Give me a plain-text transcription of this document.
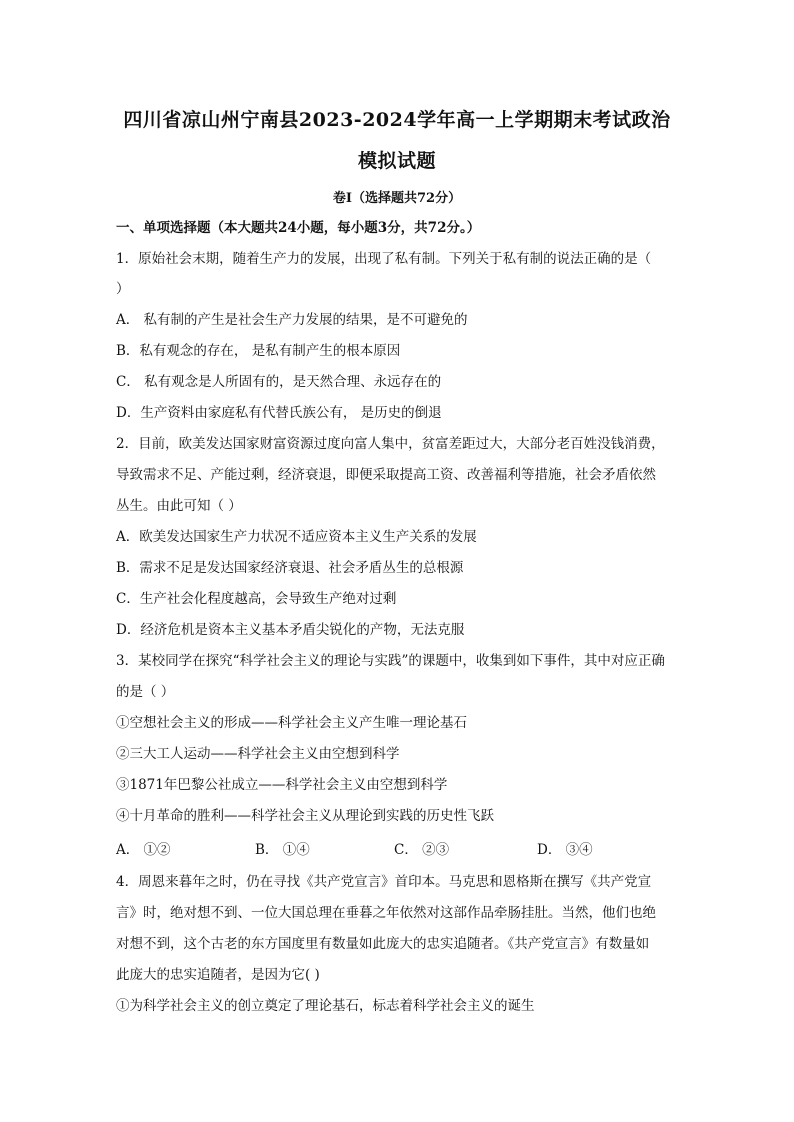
四川省凉山州宁南县2023-2024学年高一上学期期末考试政治
模拟试题
卷Ⅰ（选择题共72分）
一、单项选择题（本大题共24小题，每小题3分，共72分。）
1．原始社会末期，随着生产力的发展，出现了私有制。下列关于私有制的说法正确的是（
）
A． 私有制的产生是社会生产力发展的结果，是不可避免的
B．私有观念的存在， 是私有制产生的根本原因
C． 私有观念是人所固有的，是天然合理、永远存在的
D．生产资料由家庭私有代替氏族公有， 是历史的倒退
2．目前，欧美发达国家财富资源过度向富人集中，贫富差距过大，大部分老百姓没钱消费，
导致需求不足、产能过剩，经济衰退，即便采取提高工资、改善福利等措施，社会矛盾依然
丛生。由此可知（ ）
A．欧美发达国家生产力状况不适应资本主义生产关系的发展
B．需求不足是发达国家经济衰退、社会矛盾丛生的总根源
C．生产社会化程度越高，会导致生产绝对过剩
D．经济危机是资本主义基本矛盾尖锐化的产物，无法克服
3．某校同学在探究“科学社会主义的理论与实践”的课题中，收集到如下事件，其中对应正确
的是（ ）
①空想社会主义的形成——科学社会主义产生唯一理论基石
②三大工人运动——科学社会主义由空想到科学
③1871年巴黎公社成立——科学社会主义由空想到科学
④十月革命的胜利——科学社会主义从理论到实践的历史性飞跃
A． ①②	B． ①④	C． ②③	D． ③④
4．周恩来暮年之时，仍在寻找《共产党宣言》首印本。马克思和恩格斯在撰写《共产党宣
言》时，绝对想不到、一位大国总理在垂暮之年依然对这部作品牵肠挂肚。当然，他们也绝
对想不到，这个古老的东方国度里有数量如此庞大的忠实追随者。《共产党宣言》有数量如
此庞大的忠实追随者，是因为它( )
①为科学社会主义的创立奠定了理论基石，标志着科学社会主义的诞生
